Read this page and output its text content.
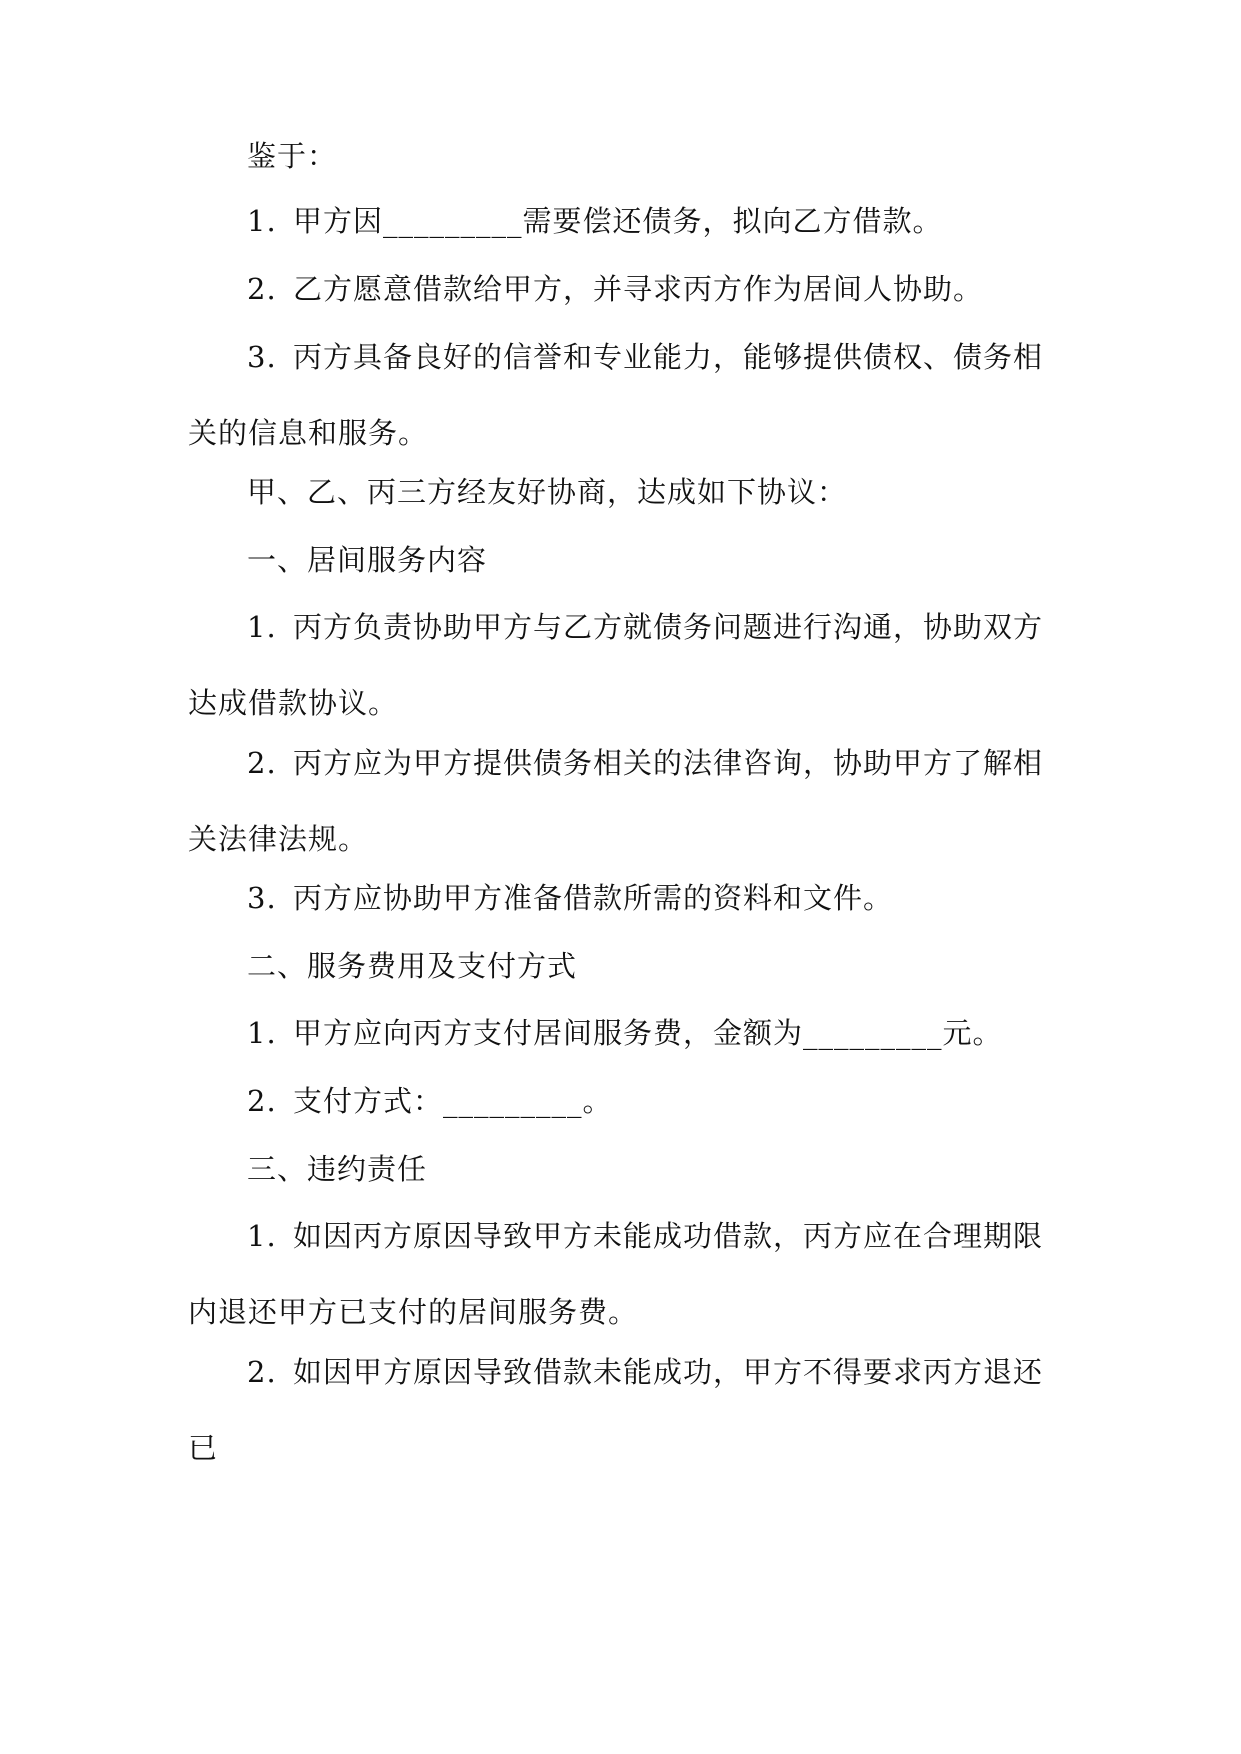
鉴于：

1. 甲方因_________需要偿还债务，拟向乙方借款。

2. 乙方愿意借款给甲方，并寻求丙方作为居间人协助。

3. 丙方具备良好的信誉和专业能力，能够提供债权、债务相关的信息和服务。

甲、乙、丙三方经友好协商，达成如下协议：

一、居间服务内容

1. 丙方负责协助甲方与乙方就债务问题进行沟通，协助双方达成借款协议。

2. 丙方应为甲方提供债务相关的法律咨询，协助甲方了解相关法律法规。

3. 丙方应协助甲方准备借款所需的资料和文件。

二、服务费用及支付方式

1. 甲方应向丙方支付居间服务费，金额为_________元。

2. 支付方式：_________。

三、违约责任

1. 如因丙方原因导致甲方未能成功借款，丙方应在合理期限内退还甲方已支付的居间服务费。

2. 如因甲方原因导致借款未能成功，甲方不得要求丙方退还已
